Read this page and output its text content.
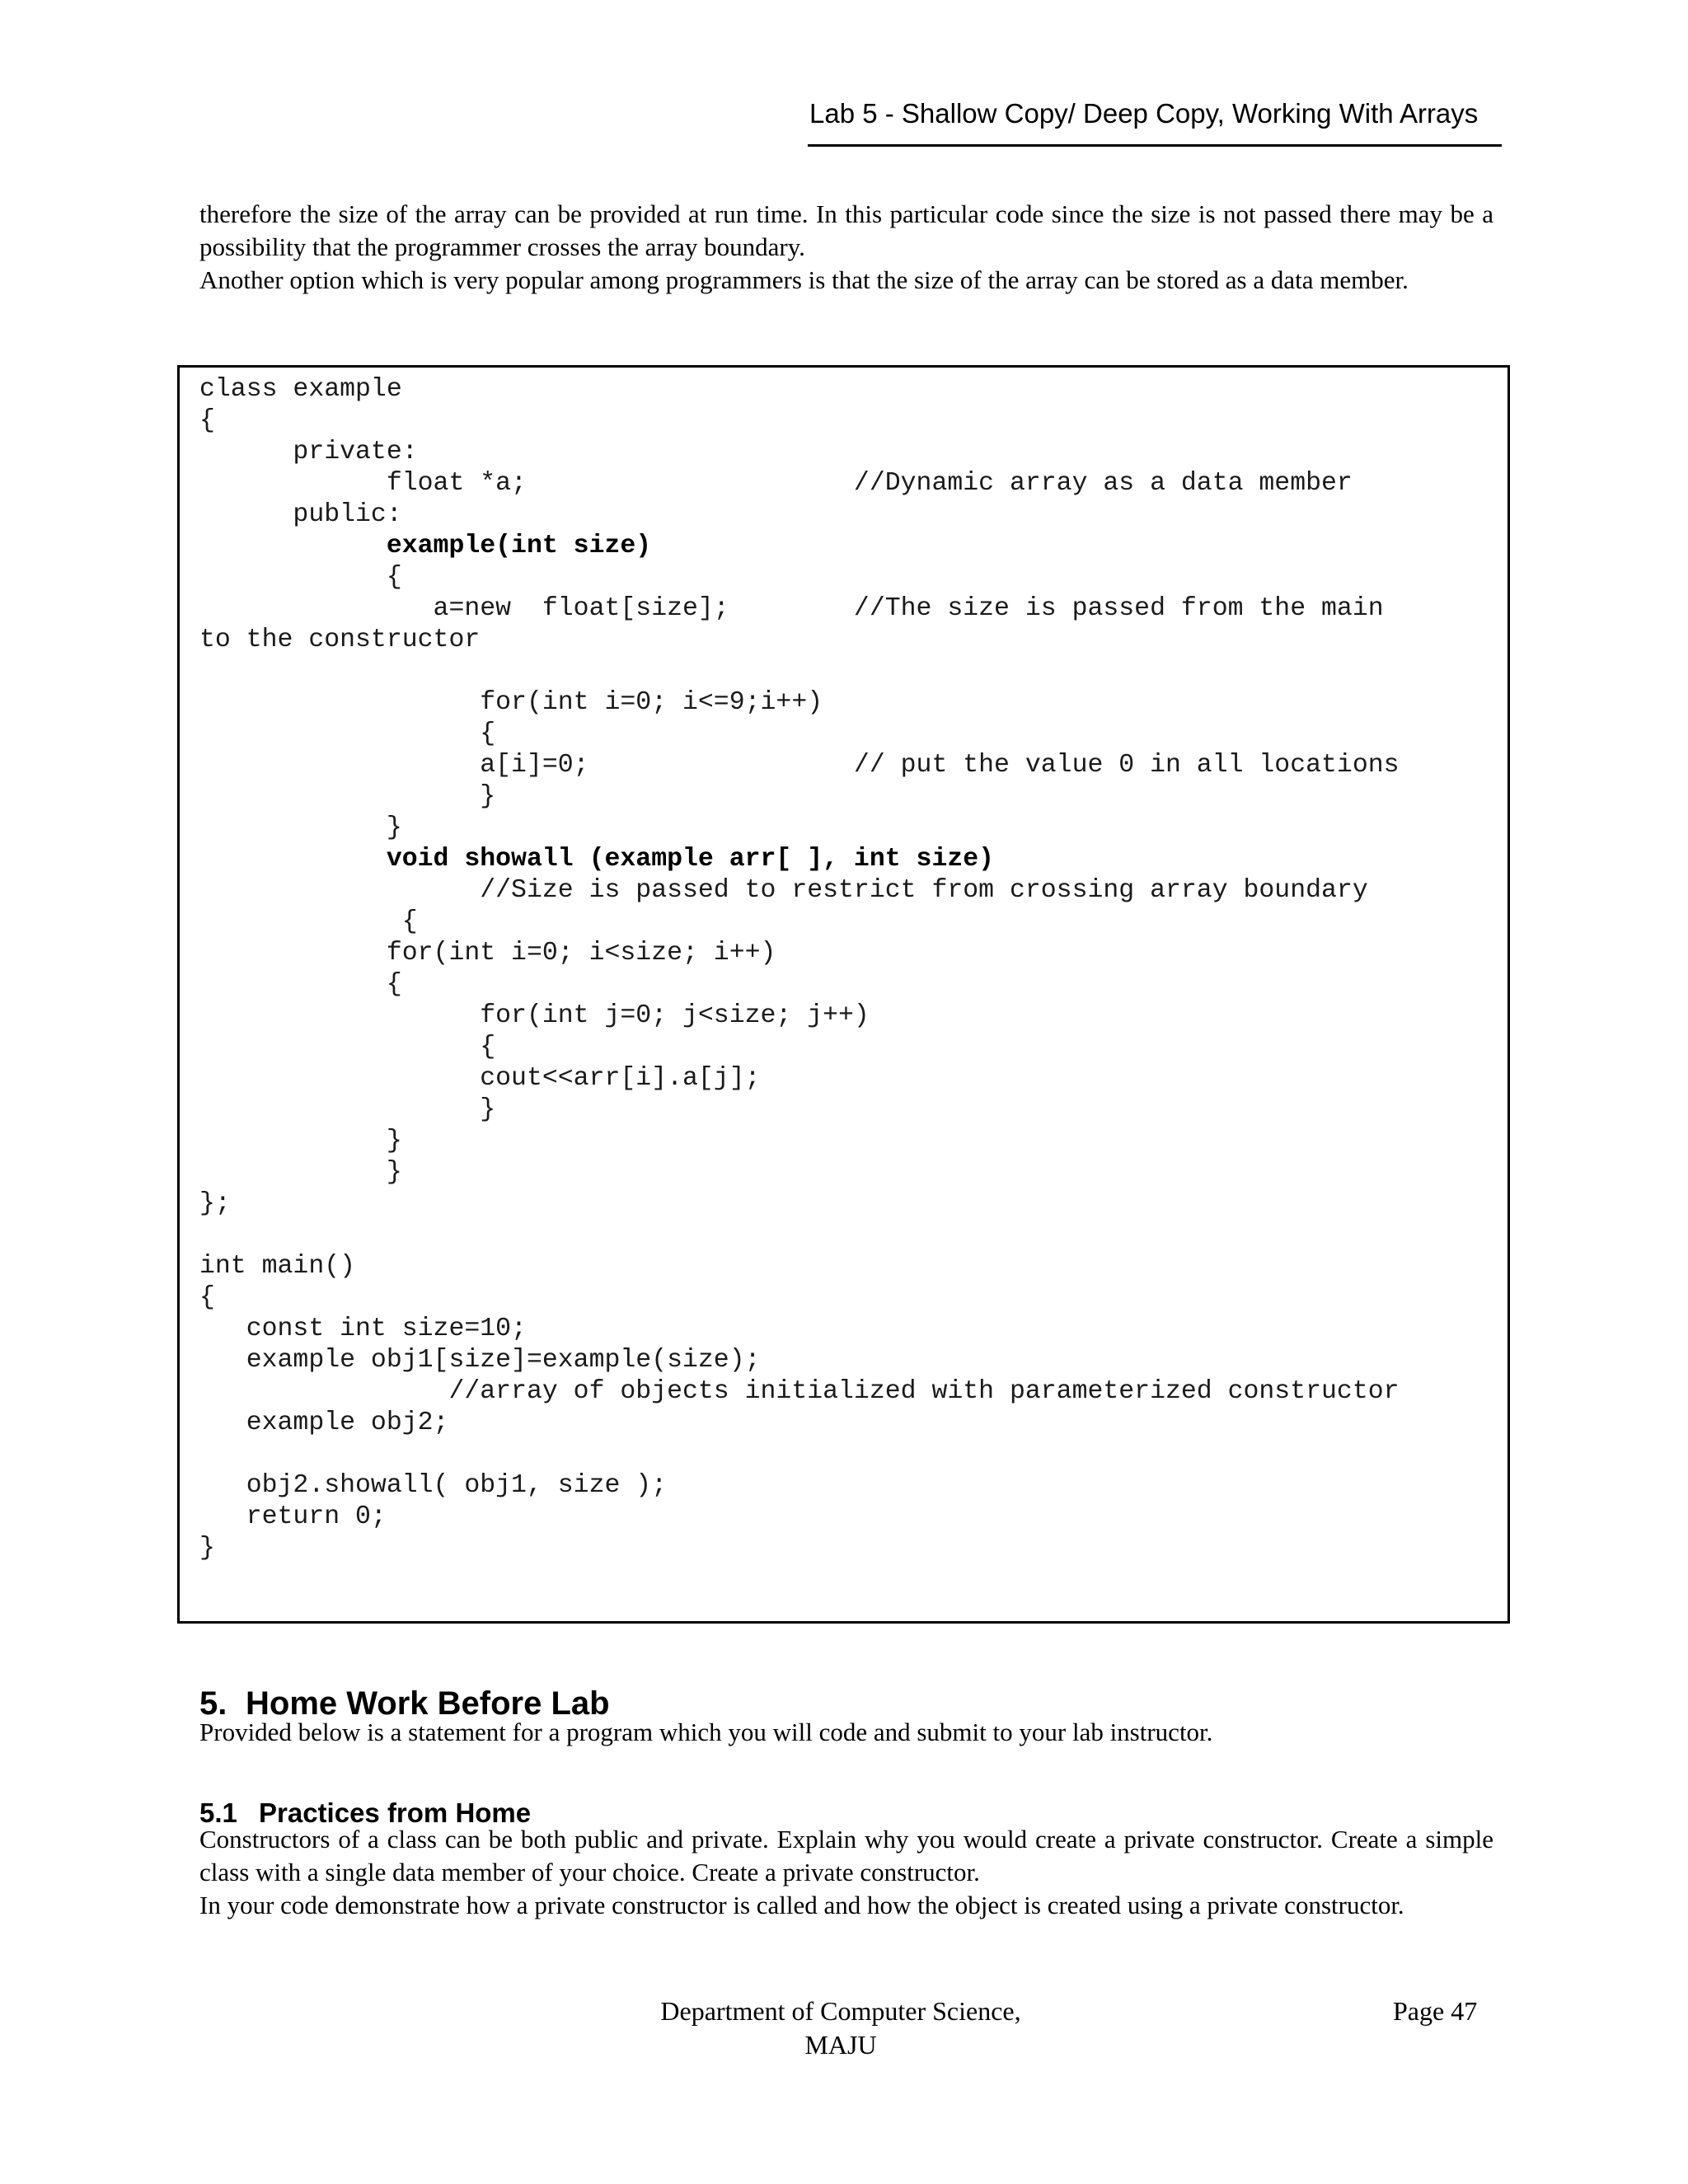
Lab 5 - Shallow Copy/ Deep Copy, Working With Arrays

therefore the size of the array can be provided at run time. In this particular code since the size is not passed there may be a possibility that the programmer crosses the array boundary.

Another option which is very popular among programmers is that the size of the array can be stored as a data member.

class example
{
private:
float *a;                     //Dynamic array as a data member
public:
example(int size)
{
a=new  float[size];        //The size is passed from the main
to the constructor
for(int i=0; i<=9;i++)
{
a[i]=0;                 // put the value 0 in all locations
}
}
void showall (example arr[ ], int size)
//Size is passed to restrict from crossing array boundary
{
for(int i=0; i<size; i++)
{
for(int j=0; j<size; j++)
{
cout<<arr[i].a[j];
}
}
}
};
int main()
{
const int size=10;
example obj1[size]=example(size);
//array of objects initialized with parameterized constructor
example obj2;
obj2.showall( obj1, size );
return 0;
}
5. Home Work Before Lab

Provided below is a statement for a program which you will code and submit to your lab instructor.

5.1 Practices from Home

Constructors of a class can be both public and private. Explain why you would create a private constructor. Create a simple class with a single data member of your choice. Create a private constructor.

In your code demonstrate how a private constructor is called and how the object is created using a private constructor.

Department of Computer Science,
MAJU
Page 47
